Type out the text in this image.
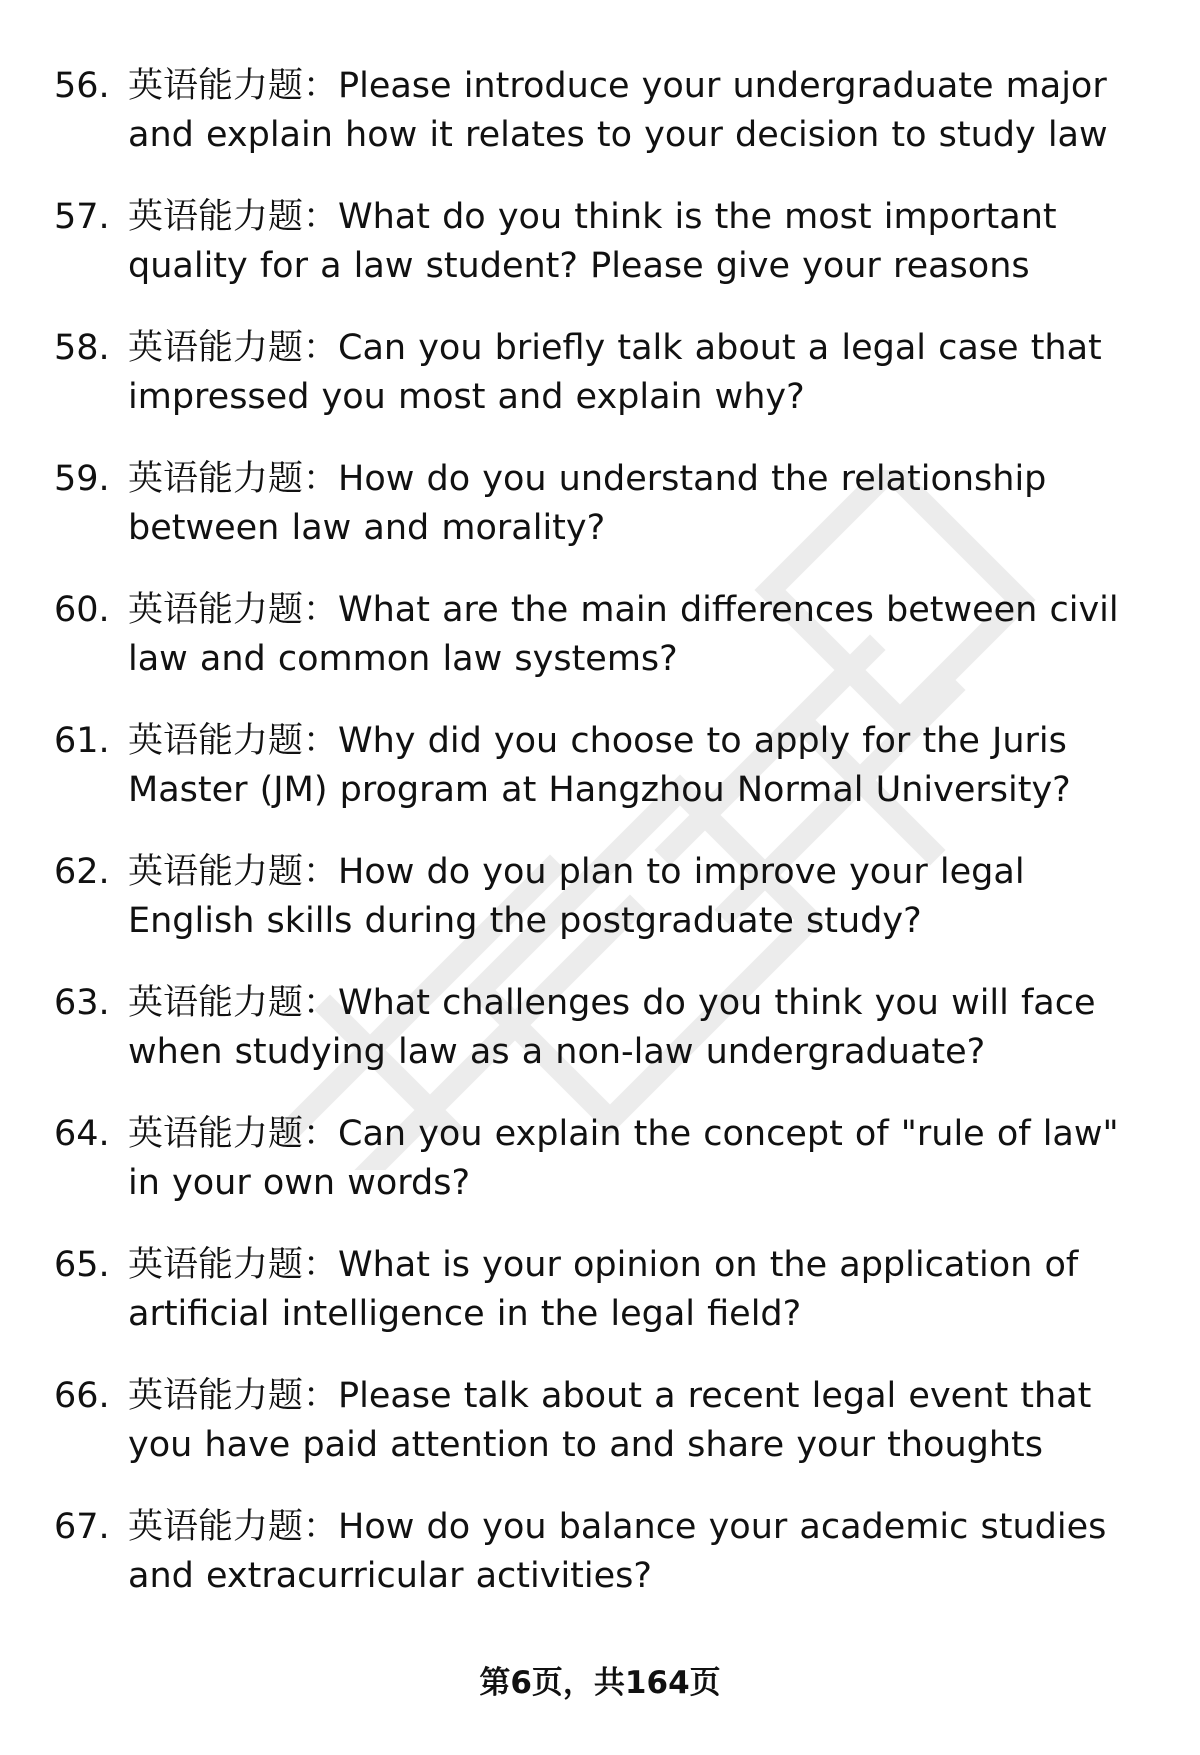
56. 英语能力题：Please introduce your undergraduate major and explain how it relates to your decision to study law
57. 英语能力题：What do you think is the most important quality for a law student? Please give your reasons
58. 英语能力题：Can you briefly talk about a legal case that impressed you most and explain why?
59. 英语能力题：How do you understand the relationship between law and morality?
60. 英语能力题：What are the main differences between civil law and common law systems?
61. 英语能力题：Why did you choose to apply for the Juris Master (JM) program at Hangzhou Normal University?
62. 英语能力题：How do you plan to improve your legal English skills during the postgraduate study?
63. 英语能力题：What challenges do you think you will face when studying law as a non-law undergraduate?
64. 英语能力题：Can you explain the concept of "rule of law" in your own words?
65. 英语能力题：What is your opinion on the application of artificial intelligence in the legal field?
66. 英语能力题：Please talk about a recent legal event that you have paid attention to and share your thoughts
67. 英语能力题：How do you balance your academic studies and extracurricular activities?
第6页，共164页
